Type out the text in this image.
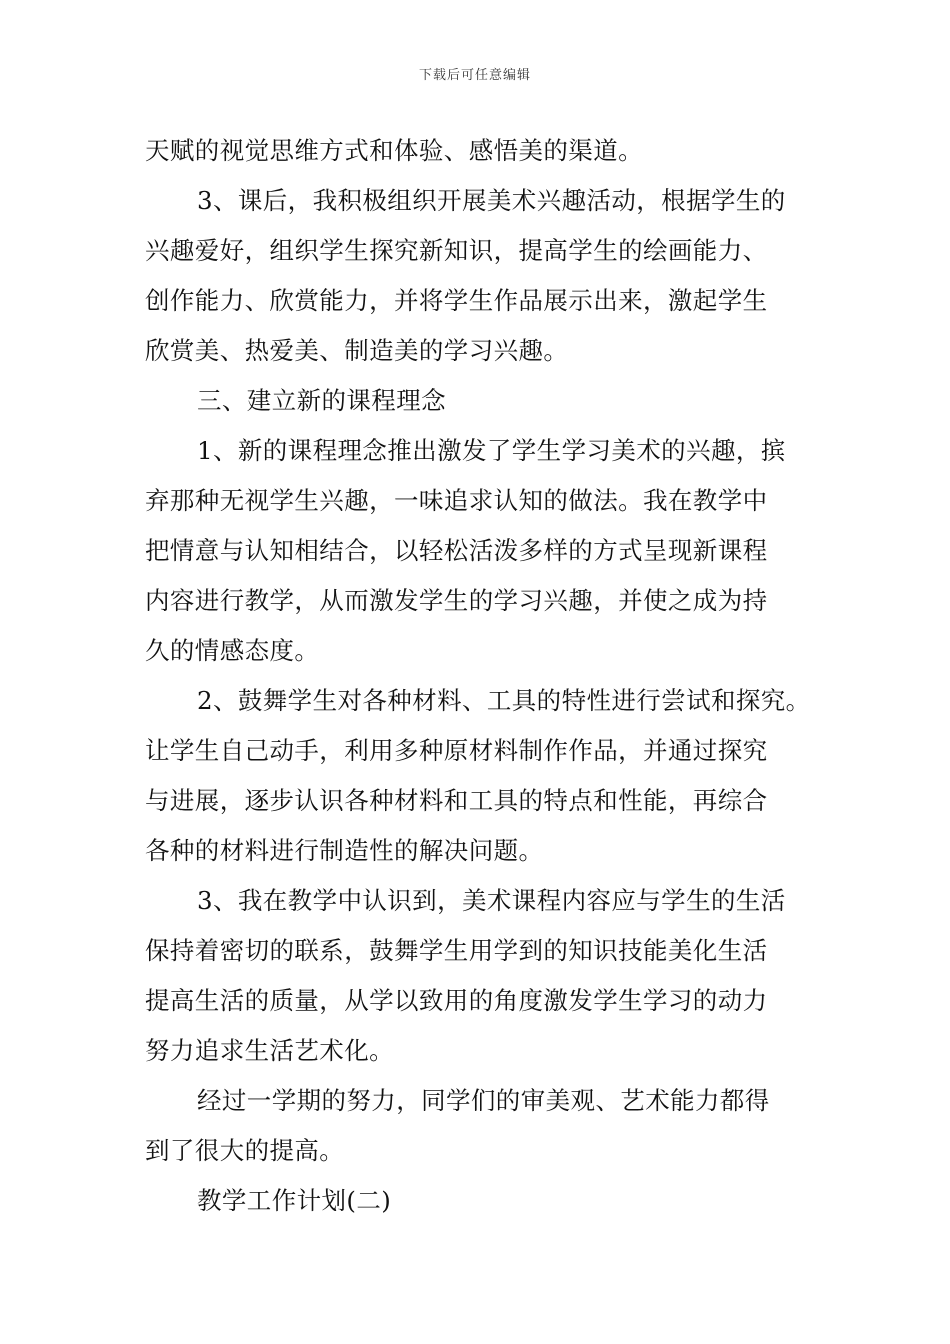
下载后可任意编辑
天赋的视觉思维方式和体验、感悟美的渠道。
3、课后，我积极组织开展美术兴趣活动，根据学生的
兴趣爱好，组织学生探究新知识，提高学生的绘画能力、
创作能力、欣赏能力，并将学生作品展示出来，激起学生
欣赏美、热爱美、制造美的学习兴趣。
三、建立新的课程理念
1、新的课程理念推出激发了学生学习美术的兴趣，摈
弃那种无视学生兴趣，一味追求认知的做法。我在教学中
把情意与认知相结合，以轻松活泼多样的方式呈现新课程
内容进行教学，从而激发学生的学习兴趣，并使之成为持
久的情感态度。
2、鼓舞学生对各种材料、工具的特性进行尝试和探究。
让学生自己动手，利用多种原材料制作作品，并通过探究
与进展，逐步认识各种材料和工具的特点和性能，再综合
各种的材料进行制造性的解决问题。
3、我在教学中认识到，美术课程内容应与学生的生活
保持着密切的联系，鼓舞学生用学到的知识技能美化生活
提高生活的质量，从学以致用的角度激发学生学习的动力
努力追求生活艺术化。
经过一学期的努力，同学们的审美观、艺术能力都得
到了很大的提高。
教学工作计划(二)
